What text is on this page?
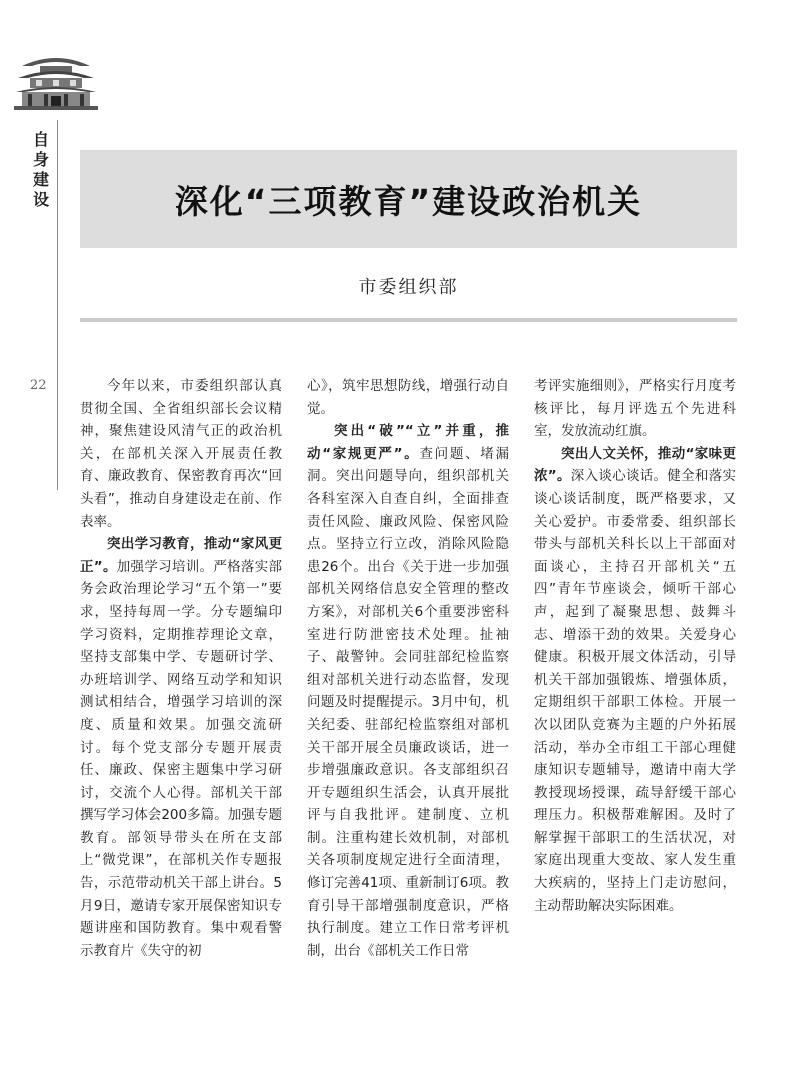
自
身
建
设
22
深化“三项教育”建设政治机关
市委组织部

今年以来，市委组织部认真贯彻全国、全省组织部长会议精神，聚焦建设风清气正的政治机关，在部机关深入开展责任教育、廉政教育、保密教育再次“回头看”，推动自身建设走在前、作表率。

突出学习教育，推动“家风更正”。加强学习培训。严格落实部务会政治理论学习“五个第一”要求，坚持每周一学。分专题编印学习资料，定期推荐理论文章，坚持支部集中学、专题研讨学、办班培训学、网络互动学和知识测试相结合，增强学习培训的深度、质量和效果。加强交流研讨。每个党支部分专题开展责任、廉政、保密主题集中学习研讨，交流个人心得。部机关干部撰写学习体会200多篇。加强专题教育。部领导带头在所在支部上“微党课”，在部机关作专题报告，示范带动机关干部上讲台。5月9日，邀请专家开展保密知识专题讲座和国防教育。集中观看警示教育片《失守的初

心》，筑牢思想防线，增强行动自觉。

突出“破”“立”并重，推动“家规更严”。查问题、堵漏洞。突出问题导向，组织部机关各科室深入自查自纠，全面排查责任风险、廉政风险、保密风险点。坚持立行立改，消除风险隐患26个。出台《关于进一步加强部机关网络信息安全管理的整改方案》，对部机关6个重要涉密科室进行防泄密技术处理。扯袖子、敲警钟。会同驻部纪检监察组对部机关进行动态监督，发现问题及时提醒提示。3月中旬，机关纪委、驻部纪检监察组对部机关干部开展全员廉政谈话，进一步增强廉政意识。各支部组织召开专题组织生活会，认真开展批评与自我批评。建制度、立机制。注重构建长效机制，对部机关各项制度规定进行全面清理，修订完善41项、重新制订6项。教育引导干部增强制度意识，严格执行制度。建立工作日常考评机制，出台《部机关工作日常

考评实施细则》，严格实行月度考核评比，每月评选五个先进科室，发放流动红旗。

突出人文关怀，推动“家味更浓”。深入谈心谈话。健全和落实谈心谈话制度，既严格要求，又关心爱护。市委常委、组织部长带头与部机关科长以上干部面对面谈心，主持召开部机关“五四”青年节座谈会，倾听干部心声，起到了凝聚思想、鼓舞斗志、增添干劲的效果。关爱身心健康。积极开展文体活动，引导机关干部加强锻炼、增强体质，定期组织干部职工体检。开展一次以团队竞赛为主题的户外拓展活动，举办全市组工干部心理健康知识专题辅导，邀请中南大学教授现场授课，疏导舒缓干部心理压力。积极帮难解困。及时了解掌握干部职工的生活状况，对家庭出现重大变故、家人发生重大疾病的，坚持上门走访慰问，主动帮助解决实际困难。
